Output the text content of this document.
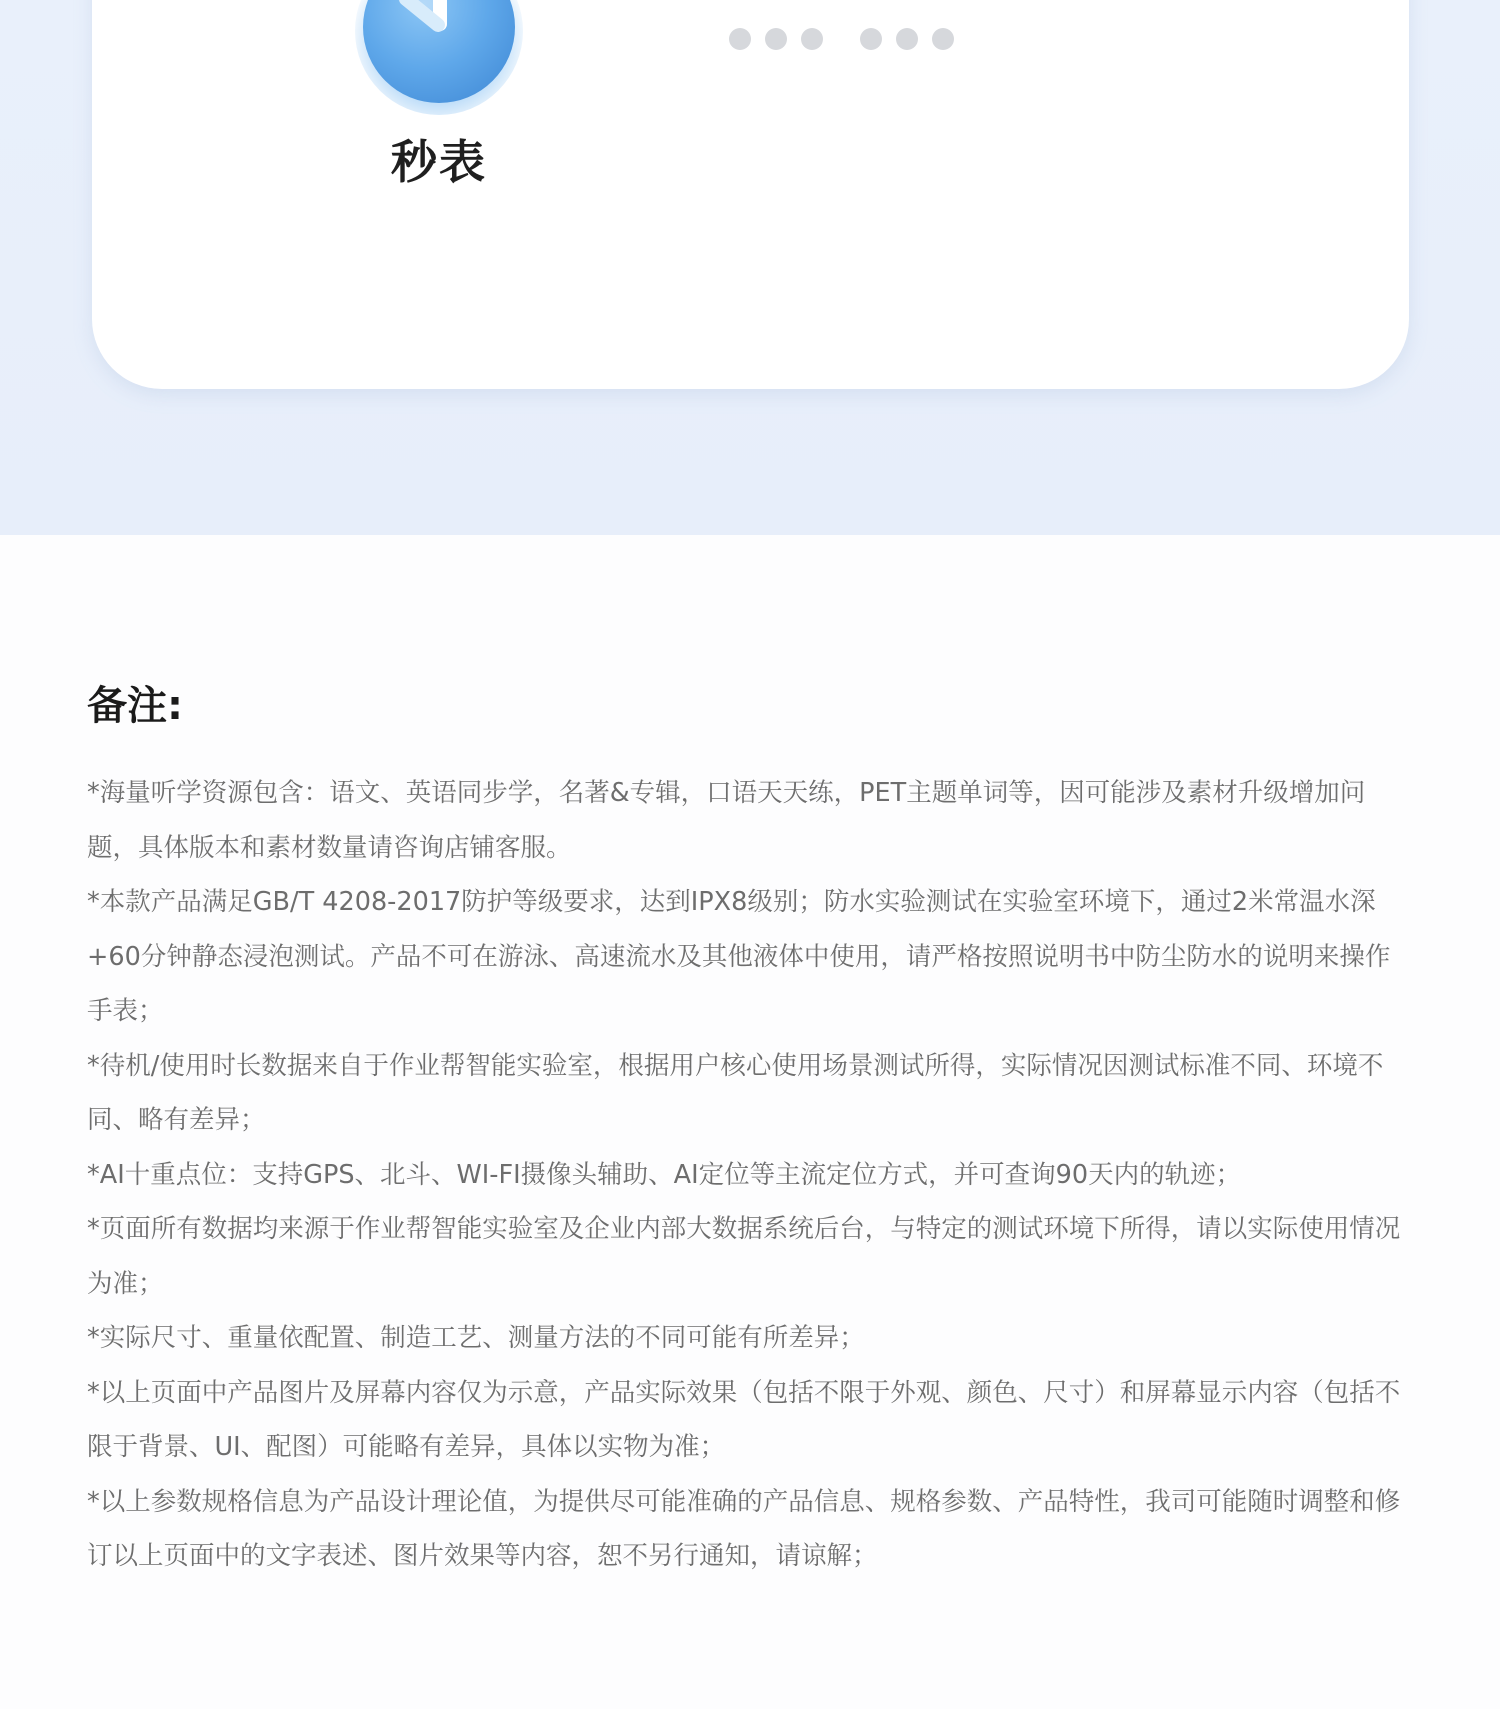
秒表
备注:
*海量听学资源包含：语文、英语同步学，名著&专辑，口语天天练，PET主题单词等，因可能涉及素材升级增加问题，具体版本和素材数量请咨询店铺客服。
*本款产品满足GB/T 4208-2017防护等级要求，达到IPX8级别；防水实验测试在实验室环境下，通过2米常温水深+60分钟静态浸泡测试。产品不可在游泳、高速流水及其他液体中使用，请严格按照说明书中防尘防水的说明来操作手表；
*待机/使用时长数据来自于作业帮智能实验室，根据用户核心使用场景测试所得，实际情况因测试标准不同、环境不同、略有差异；
*AI十重点位：支持GPS、北斗、WI-FI摄像头辅助、AI定位等主流定位方式，并可查询90天内的轨迹；
*页面所有数据均来源于作业帮智能实验室及企业内部大数据系统后台，与特定的测试环境下所得，请以实际使用情况为准；
*实际尺寸、重量依配置、制造工艺、测量方法的不同可能有所差异；
*以上页面中产品图片及屏幕内容仅为示意，产品实际效果（包括不限于外观、颜色、尺寸）和屏幕显示内容（包括不限于背景、UI、配图）可能略有差异，具体以实物为准；
*以上参数规格信息为产品设计理论值，为提供尽可能准确的产品信息、规格参数、产品特性，我司可能随时调整和修订以上页面中的文字表述、图片效果等内容，恕不另行通知，请谅解；
